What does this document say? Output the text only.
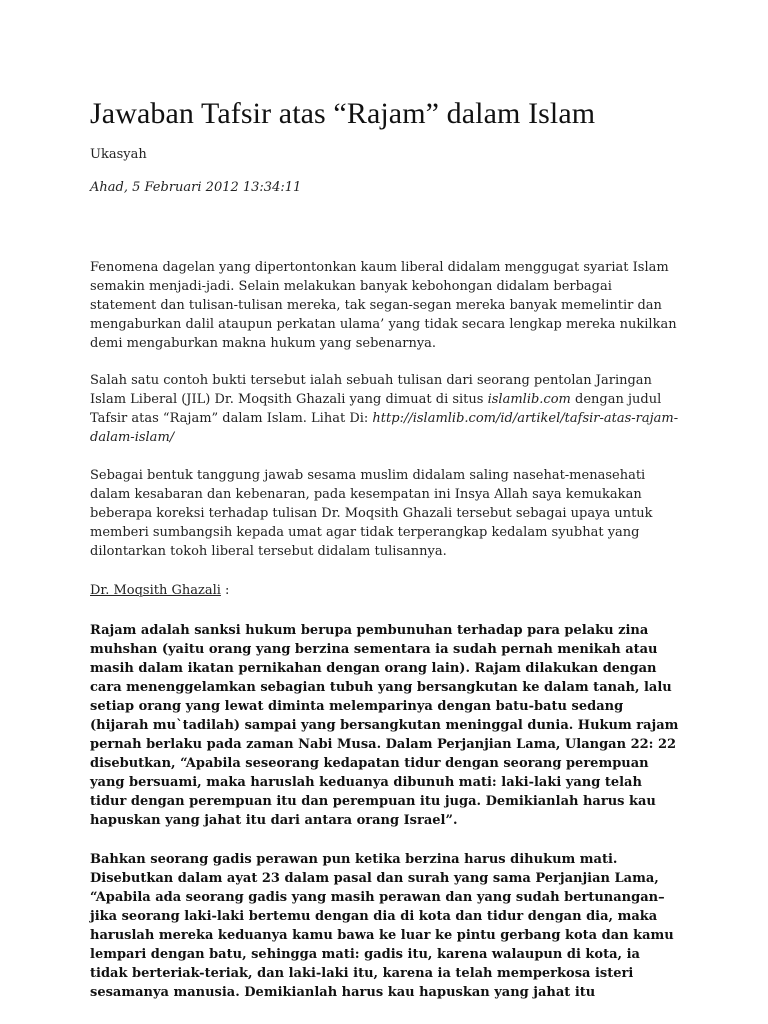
Jawaban Tafsir atas “Rajam” dalam Islam
Ukasyah
Ahad, 5 Februari 2012 13:34:11

Fenomena dagelan yang dipertontonkan kaum liberal didalam menggugat syariat Islam semakin menjadi-jadi. Selain melakukan banyak kebohongan didalam berbagai statement dan tulisan-tulisan mereka, tak segan-segan mereka banyak memelintir dan mengaburkan dalil ataupun perkatan ulama’ yang tidak secara lengkap mereka nukilkan demi mengaburkan makna hukum yang sebenarnya.

Salah satu contoh bukti tersebut ialah sebuah tulisan dari seorang pentolan Jaringan Islam Liberal (JIL) Dr. Moqsith Ghazali yang dimuat di situs islamlib.com dengan judul Tafsir atas “Rajam” dalam Islam. Lihat Di: http://islamlib.com/id/artikel/tafsir-atas-rajam-dalam-islam/

Sebagai bentuk tanggung jawab sesama muslim didalam saling nasehat-menasehati dalam kesabaran dan kebenaran, pada kesempatan ini Insya Allah saya kemukakan beberapa koreksi terhadap tulisan Dr. Moqsith Ghazali tersebut sebagai upaya untuk memberi sumbangsih kepada umat agar tidak terperangkap kedalam syubhat yang dilontarkan tokoh liberal tersebut didalam tulisannya.

Dr. Moqsith Ghazali :

Rajam adalah sanksi hukum berupa pembunuhan terhadap para pelaku zina muhshan (yaitu orang yang berzina sementara ia sudah pernah menikah atau masih dalam ikatan pernikahan dengan orang lain). Rajam dilakukan dengan cara menenggelamkan sebagian tubuh yang bersangkutan ke dalam tanah, lalu setiap orang yang lewat diminta melemparinya dengan batu-batu sedang (hijarah mu`tadilah) sampai yang bersangkutan meninggal dunia. Hukum rajam pernah berlaku pada zaman Nabi Musa. Dalam Perjanjian Lama, Ulangan 22: 22 disebutkan, “Apabila seseorang kedapatan tidur dengan seorang perempuan yang bersuami, maka haruslah keduanya dibunuh mati: laki-laki yang telah tidur dengan perempuan itu dan perempuan itu juga. Demikianlah harus kau hapuskan yang jahat itu dari antara orang Israel”.

Bahkan seorang gadis perawan pun ketika berzina harus dihukum mati. Disebutkan dalam ayat 23 dalam pasal dan surah yang sama Perjanjian Lama, “Apabila ada seorang gadis yang masih perawan dan yang sudah bertunangan–jika seorang laki-laki bertemu dengan dia di kota dan tidur dengan dia, maka haruslah mereka keduanya kamu bawa ke luar ke pintu gerbang kota dan kamu lempari dengan batu, sehingga mati: gadis itu, karena walaupun di kota, ia tidak berteriak-teriak, dan laki-laki itu, karena ia telah memperkosa isteri sesamanya manusia. Demikianlah harus kau hapuskan yang jahat itu
